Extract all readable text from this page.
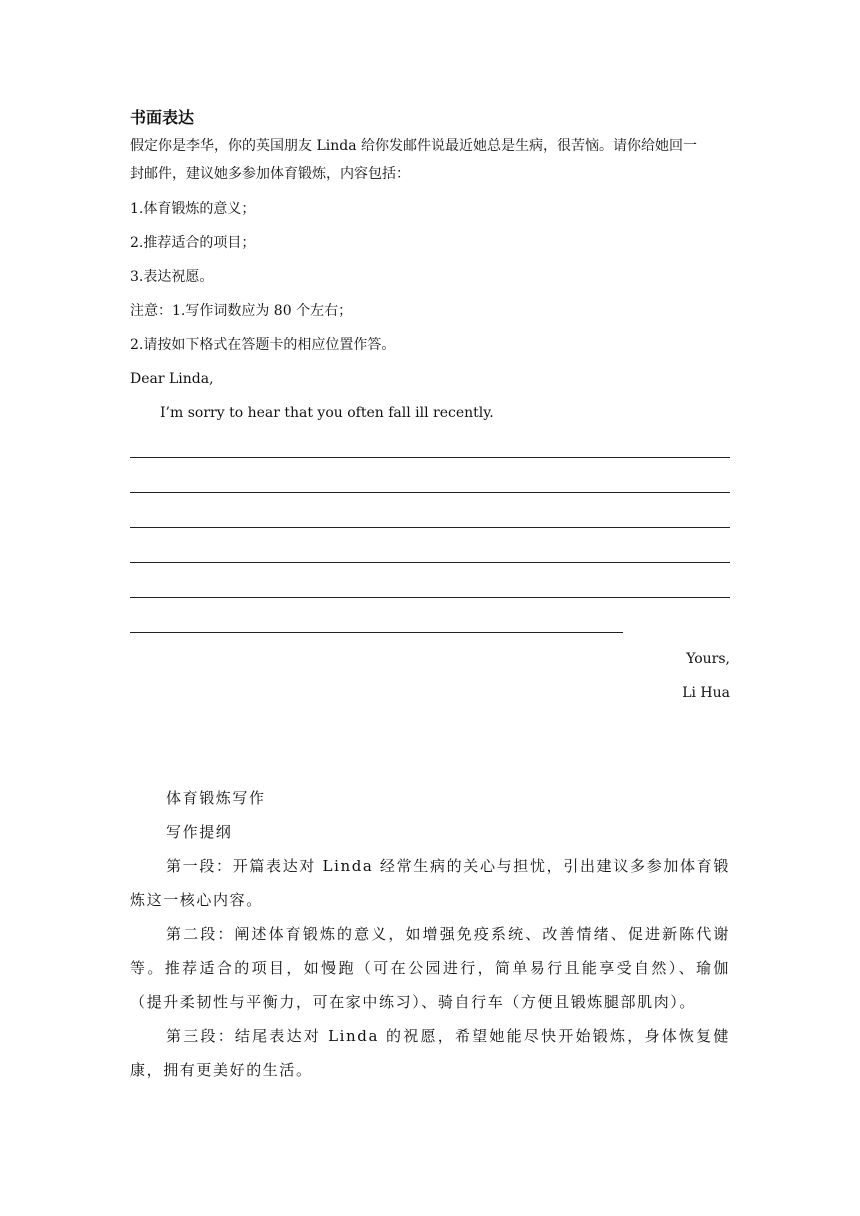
书面表达

假定你是李华，你的英国朋友 Linda 给你发邮件说最近她总是生病，很苦恼。请你给她回一

封邮件，建议她多参加体育锻炼，内容包括：

1.体育锻炼的意义；

2.推荐适合的项目；

3.表达祝愿。

注意：1.写作词数应为 80 个左右；

2.请按如下格式在答题卡的相应位置作答。

Dear Linda,

I’m sorry to hear that you often fall ill recently.

Yours,

Li Hua

体育锻炼写作

写作提纲

第一段：开篇表达对 Linda 经常生病的关心与担忧，引出建议多参加体育锻炼这一核心内容。

第二段：阐述体育锻炼的意义，如增强免疫系统、改善情绪、促进新陈代谢等。推荐适合的项目，如慢跑（可在公园进行，简单易行且能享受自然）、瑜伽（提升柔韧性与平衡力，可在家中练习）、骑自行车（方便且锻炼腿部肌肉）。

第三段：结尾表达对 Linda 的祝愿，希望她能尽快开始锻炼，身体恢复健康，拥有更美好的生活。
